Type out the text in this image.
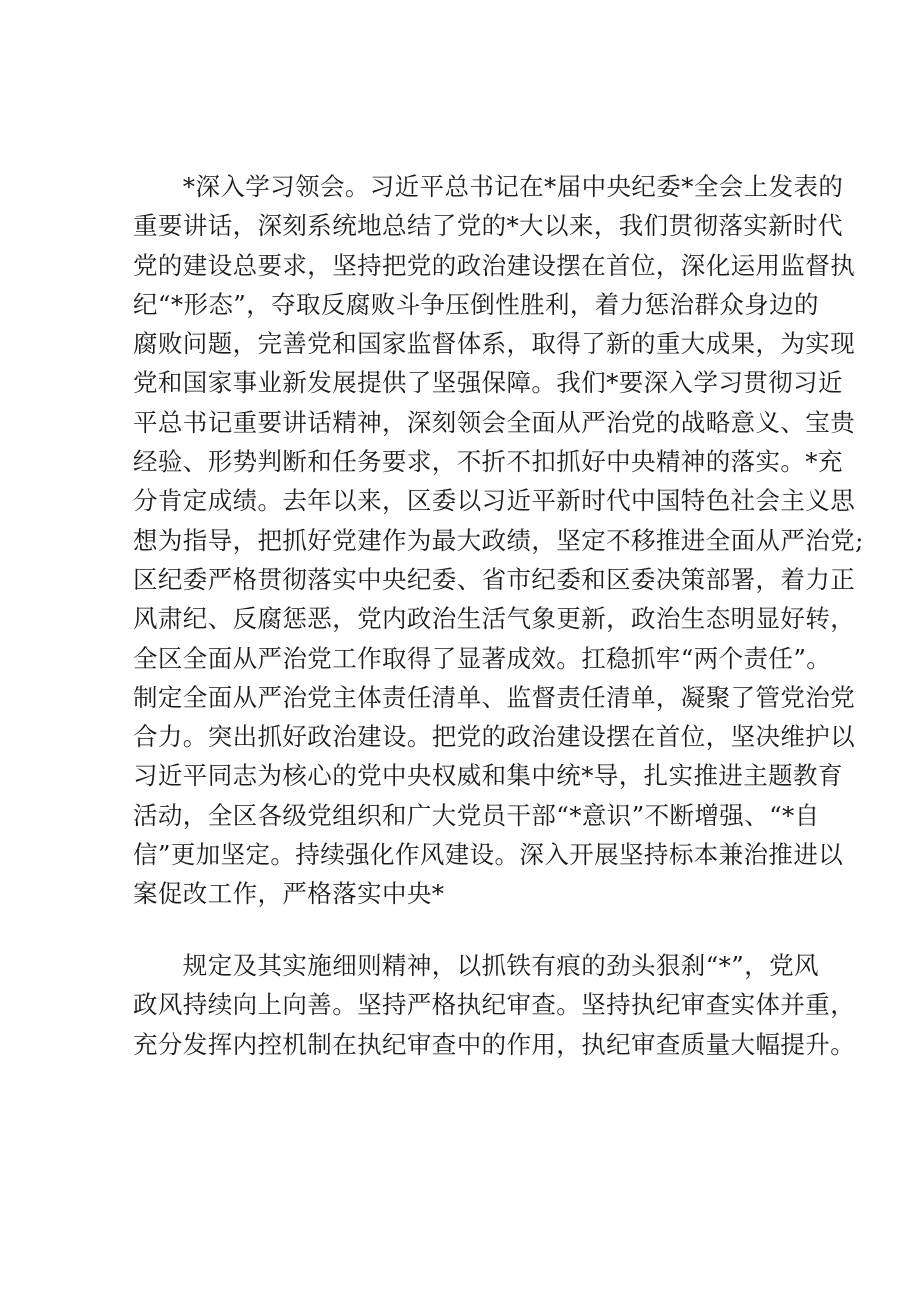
　　*深入学习领会。习近平总书记在*届中央纪委*全会上发表的
重要讲话，深刻系统地总结了党的*大以来，我们贯彻落实新时代
党的建设总要求，坚持把党的政治建设摆在首位，深化运用监督执
纪“*形态”，夺取反腐败斗争压倒性胜利，着力惩治群众身边的
腐败问题，完善党和国家监督体系，取得了新的重大成果，为实现
党和国家事业新发展提供了坚强保障。我们*要深入学习贯彻习近
平总书记重要讲话精神，深刻领会全面从严治党的战略意义、宝贵
经验、形势判断和任务要求，不折不扣抓好中央精神的落实。*充
分肯定成绩。去年以来，区委以习近平新时代中国特色社会主义思
想为指导，把抓好党建作为最大政绩，坚定不移推进全面从严治党;
区纪委严格贯彻落实中央纪委、省市纪委和区委决策部署，着力正
风肃纪、反腐惩恶，党内政治生活气象更新，政治生态明显好转，
全区全面从严治党工作取得了显著成效。扛稳抓牢“两个责任”。
制定全面从严治党主体责任清单、监督责任清单，凝聚了管党治党
合力。突出抓好政治建设。把党的政治建设摆在首位，坚决维护以
习近平同志为核心的党中央权威和集中统*导，扎实推进主题教育
活动，全区各级党组织和广大党员干部“*意识”不断增强、“*自
信”更加坚定。持续强化作风建设。深入开展坚持标本兼治推进以
案促改工作，严格落实中央*
　　规定及其实施细则精神，以抓铁有痕的劲头狠刹“*”，党风
政风持续向上向善。坚持严格执纪审查。坚持执纪审查实体并重，
充分发挥内控机制在执纪审查中的作用，执纪审查质量大幅提升。
